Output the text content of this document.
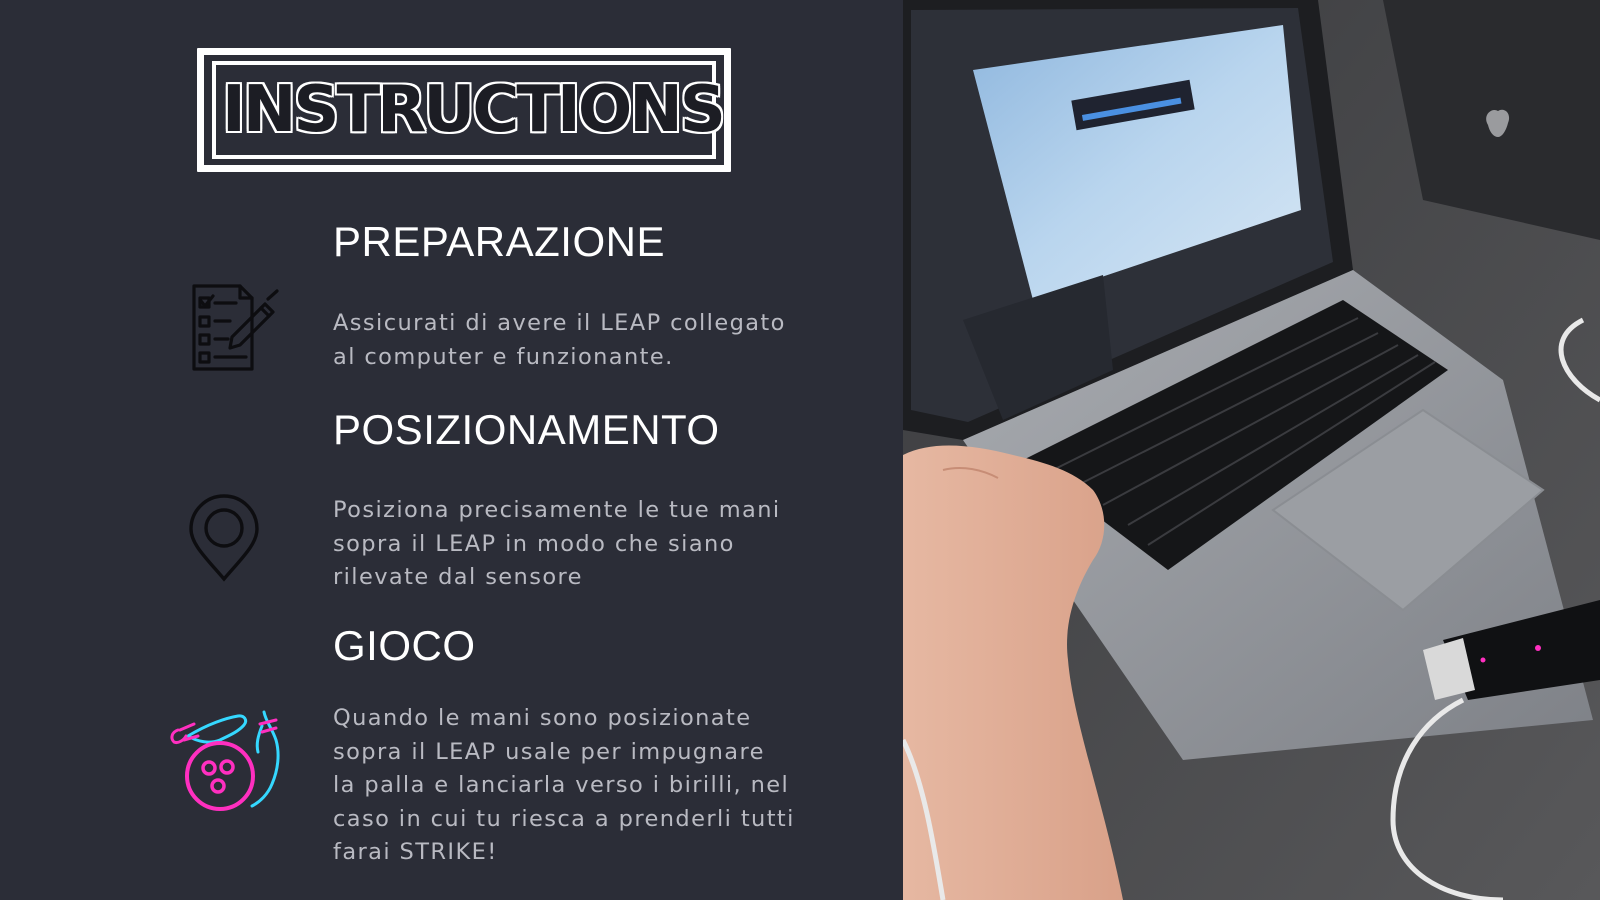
INSTRUCTIONS
PREPARAZIONE
Assicurati di avere il LEAP collegato
al computer e funzionante.
POSIZIONAMENTO
Posiziona precisamente le tue mani
sopra il LEAP in modo che siano
rilevate dal sensore
GIOCO
Quando le mani sono posizionate
sopra il LEAP usale per impugnare
la palla e lanciarla verso i birilli, nel
caso in cui tu riesca a prenderli tutti
farai STRIKE!
